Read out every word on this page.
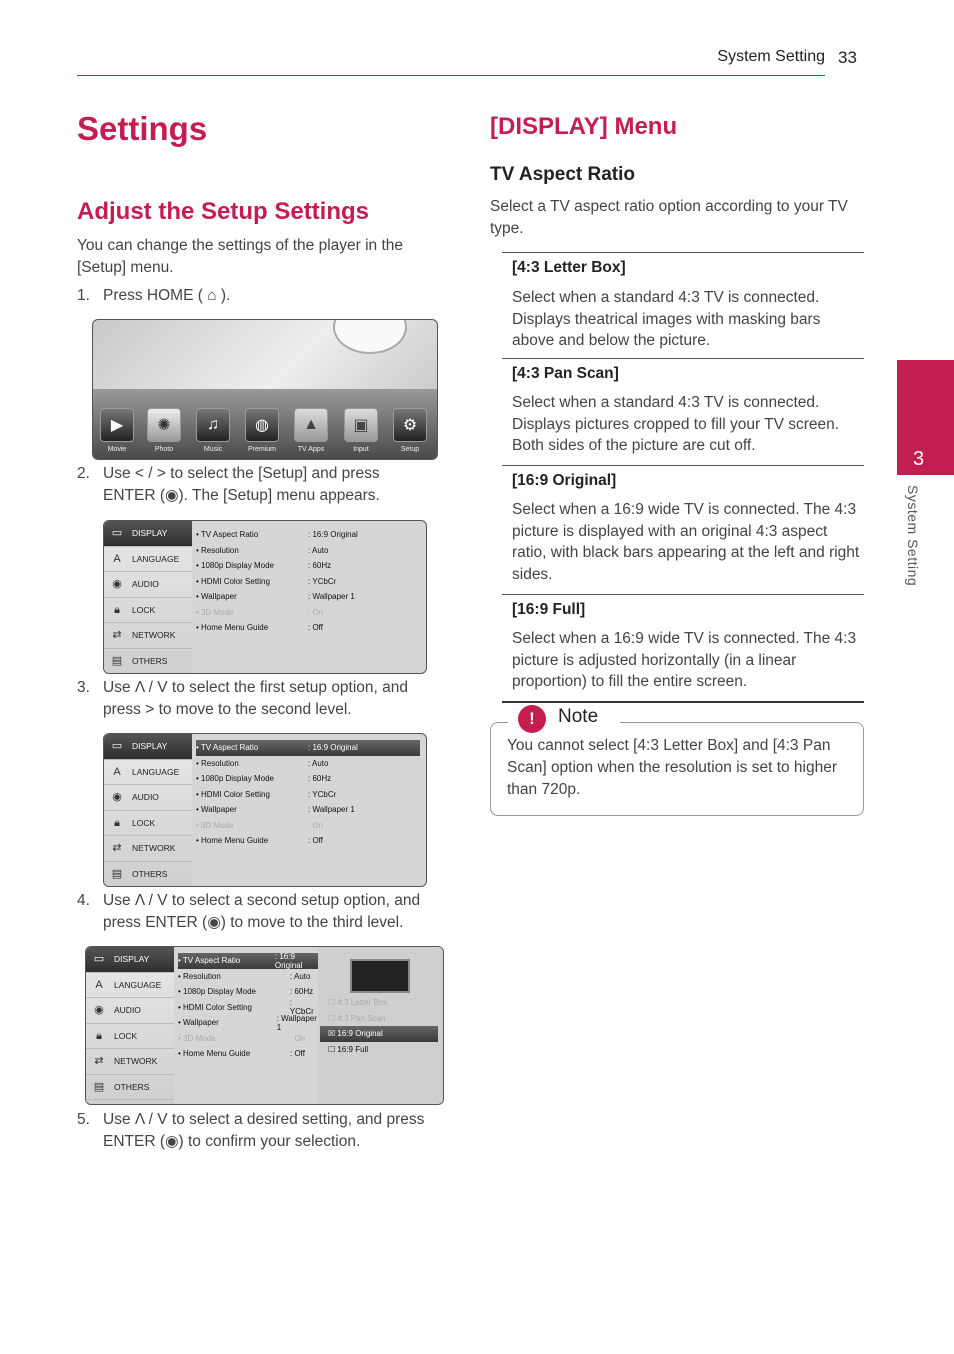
System Setting 33
Settings
Adjust the Setup Settings
You can change the settings of the player in the [Setup] menu.
1. Press HOME ( ⌂ ).
▶
Movie
✺
Photo
♫
Music
◍
Premium
▲
TV Apps
▣
Input
⚙
Setup
2. Use < / > to select the [Setup] and press
ENTER (◉). The [Setup] menu appears.
▭ DISPLAY
A	LANGUAGE
◉ AUDIO
🔒︎	LOCK
⇄ NETWORK
▤ OTHERS
• TV Aspect Ratio	: 16:9 Original
• Resolution	: Auto
• 1080p Display Mode	: 60Hz
• HDMI Color Setting	: YCbCr
• Wallpaper	: Wallpaper 1
• 3D Mode	: On
• Home Menu Guide	: Off
3. Use Λ / V to select the first setup option, and
press > to move to the second level.
▭ DISPLAY
A	LANGUAGE
◉ AUDIO
🔒︎	LOCK
⇄ NETWORK
▤ OTHERS
• TV Aspect Ratio	: 16:9 Original
• Resolution	: Auto
• 1080p Display Mode	: 60Hz
• HDMI Color Setting	: YCbCr
• Wallpaper	: Wallpaper 1
• 3D Mode	: On
• Home Menu Guide	: Off
4. Use Λ / V to select a second setup option, and
press ENTER (◉) to move to the third level.
▭ DISPLAY
A	LANGUAGE
◉ AUDIO
🔒︎	LOCK
⇄ NETWORK
▤ OTHERS
• TV Aspect Ratio	: 16:9 Original
• Resolution	: Auto
• 1080p Display Mode	: 60Hz
• HDMI Color Setting	: YCbCr
• Wallpaper	: Wallpaper 1
• 3D Mode	: On
• Home Menu Guide	: Off
☐ 4:3 Letter Box
☐ 4:3 Pan Scan
☒ 16:9 Original
☐ 16:9 Full
5. Use Λ / V to select a desired setting, and press
ENTER (◉) to confirm your selection.
[DISPLAY] Menu
TV Aspect Ratio
Select a TV aspect ratio option according to your TV type.
[4:3 Letter Box]
Select when a standard 4:3 TV is connected. Displays theatrical images with masking bars above and below the picture.
[4:3 Pan Scan]
Select when a standard 4:3 TV is connected. Displays pictures cropped to fill your TV screen. Both sides of the picture are cut off.
[16:9 Original]
Select when a 16:9 wide TV is connected. The 4:3 picture is displayed with an original 4:3 aspect ratio, with black bars appearing at the left and right sides.
[16:9 Full]
Select when a 16:9 wide TV is connected. The 4:3 picture is adjusted horizontally (in a linear proportion) to fill the entire screen.
!	Note
You cannot select [4:3 Letter Box] and [4:3 Pan Scan] option when the resolution is set to higher than 720p.
3
System Setting
